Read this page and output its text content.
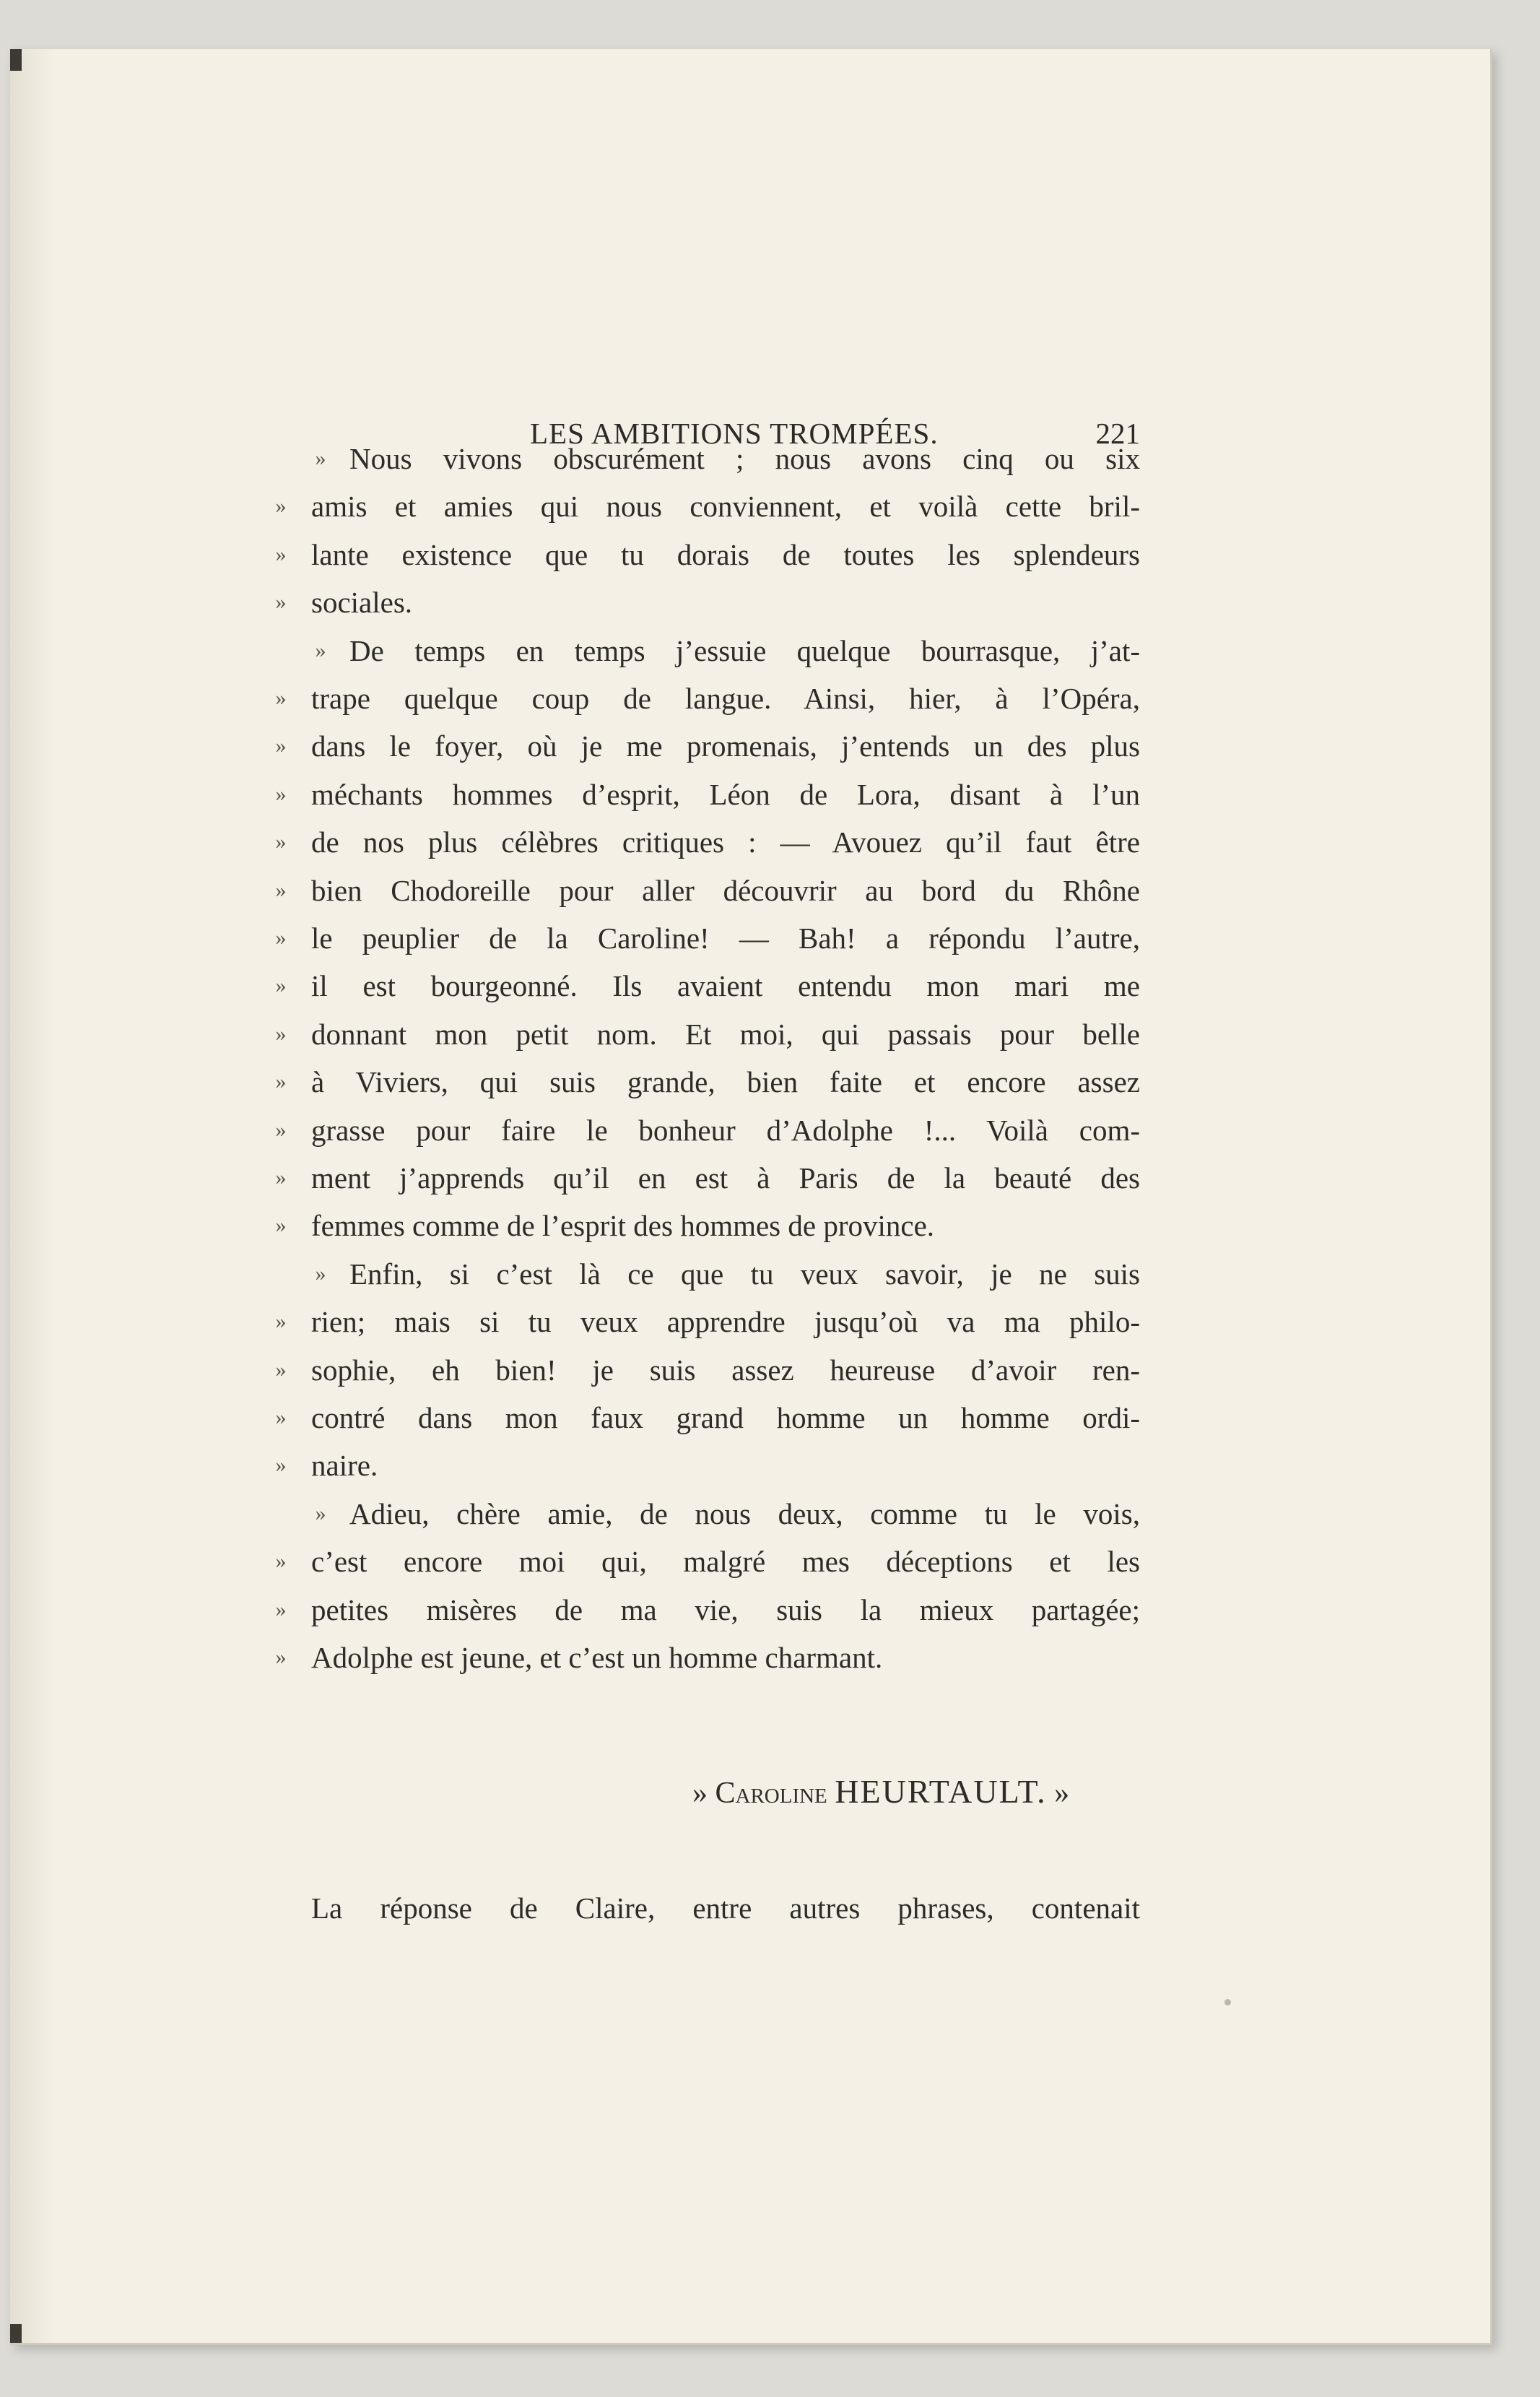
LES AMBITIONS TROMPÉES.	221
» Nous vivons obscurément ; nous avons cinq ou six
» amis et amies qui nous conviennent, et voilà cette bril-
» lante existence que tu dorais de toutes les splendeurs
» sociales.
» De temps en temps j’essuie quelque bourrasque, j’at-
» trape quelque coup de langue. Ainsi, hier, à l’Opéra,
» dans le foyer, où je me promenais, j’entends un des plus
» méchants hommes d’esprit, Léon de Lora, disant à l’un
» de nos plus célèbres critiques : — Avouez qu’il faut être
» bien Chodoreille pour aller découvrir au bord du Rhône
» le peuplier de la Caroline! — Bah! a répondu l’autre,
» il est bourgeonné. Ils avaient entendu mon mari me
» donnant mon petit nom. Et moi, qui passais pour belle
» à Viviers, qui suis grande, bien faite et encore assez
» grasse pour faire le bonheur d’Adolphe !... Voilà com-
» ment j’apprends qu’il en est à Paris de la beauté des
» femmes comme de l’esprit des hommes de province.
» Enfin, si c’est là ce que tu veux savoir, je ne suis
» rien; mais si tu veux apprendre jusqu’où va ma philo-
» sophie, eh bien! je suis assez heureuse d’avoir ren-
» contré dans mon faux grand homme un homme ordi-
» naire.
» Adieu, chère amie, de nous deux, comme tu le vois,
» c’est encore moi qui, malgré mes déceptions et les
» petites misères de ma vie, suis la mieux partagée;
» Adolphe est jeune, et c’est un homme charmant.
» Caroline HEURTAULT. »
La réponse de Claire, entre autres phrases, contenait
